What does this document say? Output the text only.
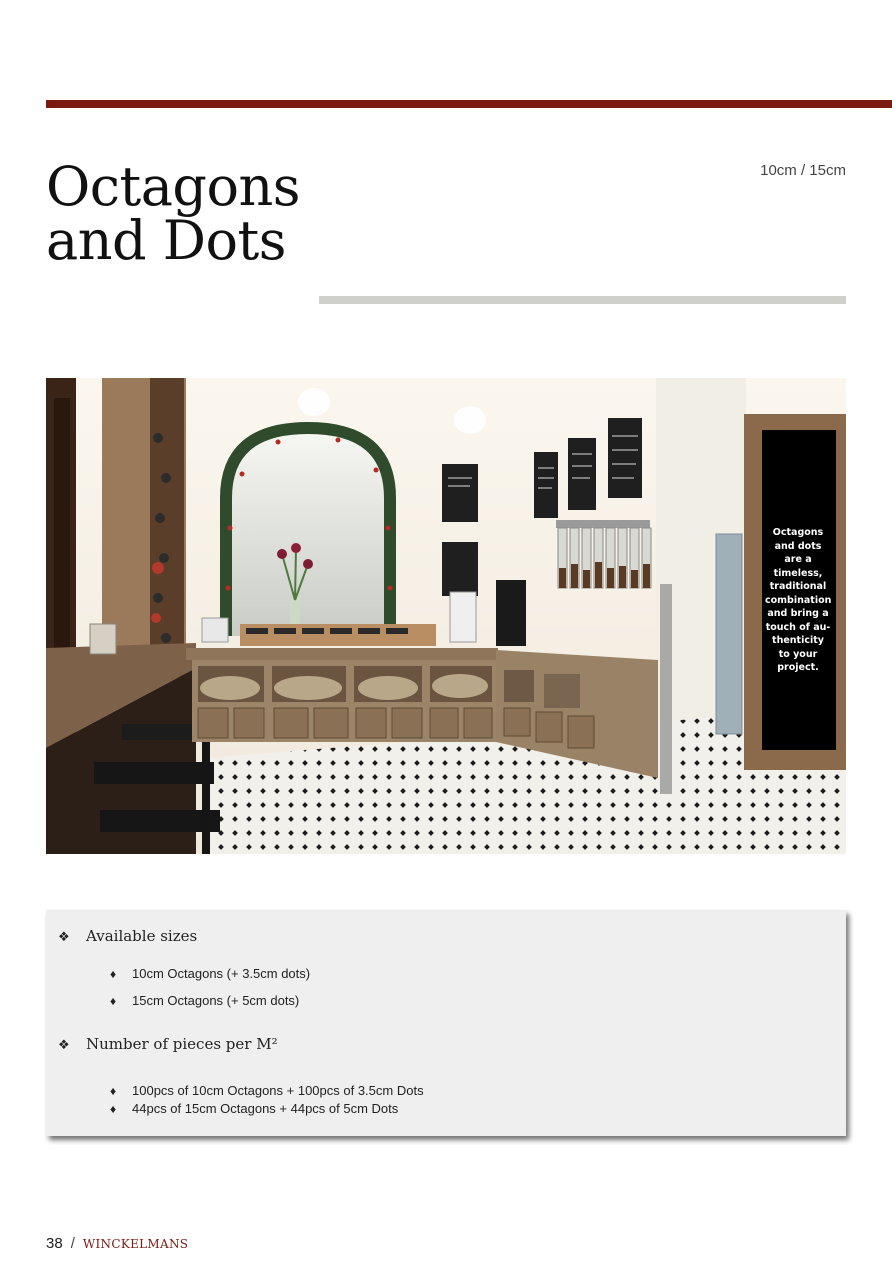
Octagons
and Dots
10cm / 15cm
Octagons and dots are a timeless, traditional combination and bring a touch of au- thenticity to your project.
❖ Available sizes
♦ 10cm Octagons (+ 3.5cm dots)
♦ 15cm Octagons (+ 5cm dots)
❖ Number of pieces per M²
♦ 100pcs of 10cm Octagons + 100pcs of 3.5cm Dots
♦ 44pcs of 15cm Octagons + 44pcs of 5cm Dots
38 / WINCKELMANS
